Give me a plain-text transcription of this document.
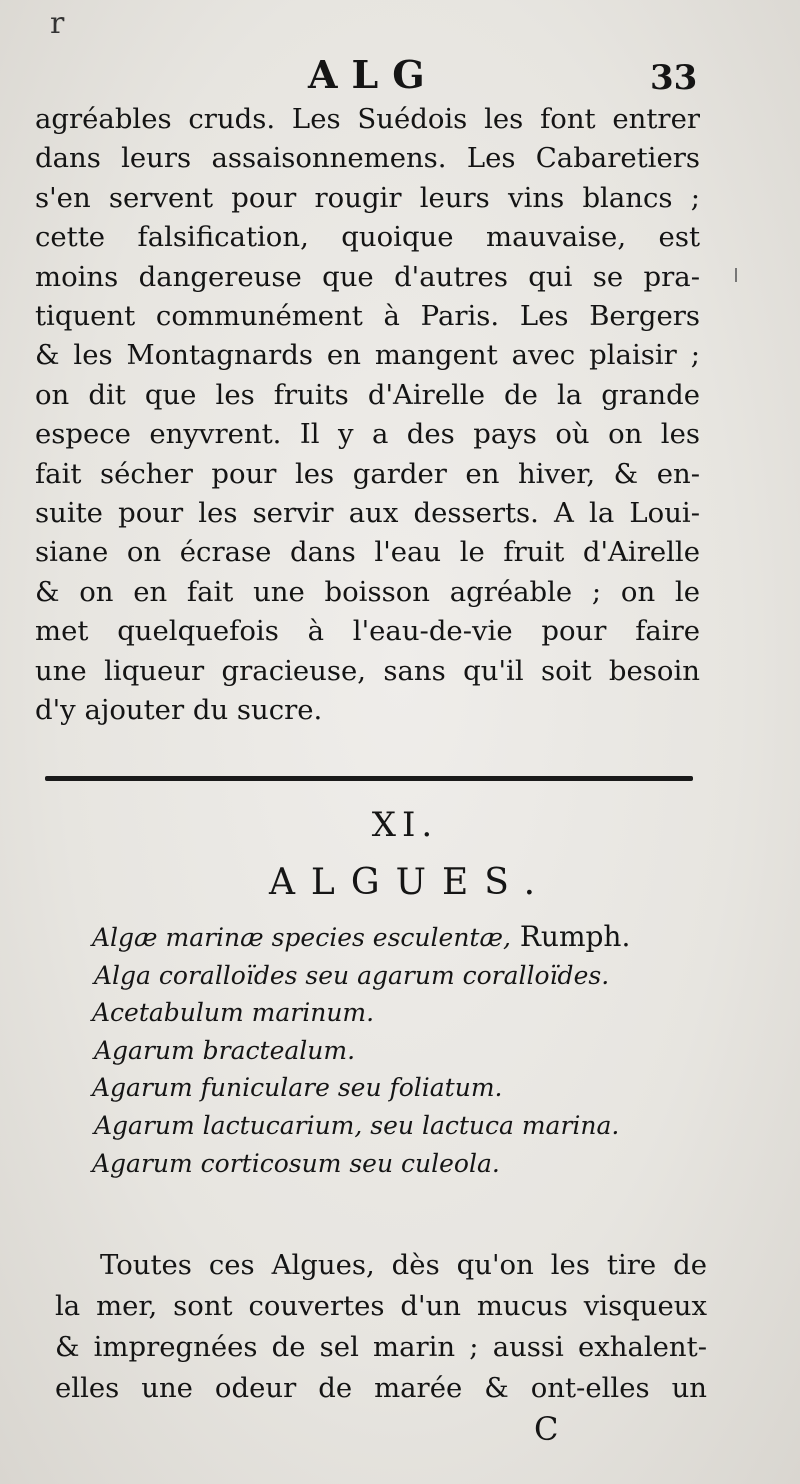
r
ALG	33
agréables cruds. Les Suédois les font entrer
dans leurs assaisonnemens. Les Cabaretiers
s'en servent pour rougir leurs vins blancs ;
cette falsification, quoique mauvaise, est
moins dangereuse que d'autres qui se pra-
tiquent communément à Paris. Les Bergers
& les Montagnards en mangent avec plaisir ;
on dit que les fruits d'Airelle de la grande
espece enyvrent. Il y a des pays où on les
fait sécher pour les garder en hiver, & en-
suite pour les servir aux desserts. A la Loui-
siane on écrase dans l'eau le fruit d'Airelle
& on en fait une boisson agréable ; on le
met quelquefois à l'eau-de-vie pour faire
une liqueur gracieuse, sans qu'il soit besoin
d'y ajouter du sucre.
XI.
ALGUES.
Algæ marinæ species esculentæ, Rumph.
Alga coralloïdes seu agarum coralloïdes.
Acetabulum marinum.
Agarum bractealum.
Agarum funiculare seu foliatum.
Agarum lactucarium, seu lactuca marina.
Agarum corticosum seu culeola.
Toutes ces Algues, dès qu'on les tire de
la mer, sont couvertes d'un mucus visqueux
& impregnées de sel marin ; aussi exhalent-
elles une odeur de marée & ont-elles un
C
